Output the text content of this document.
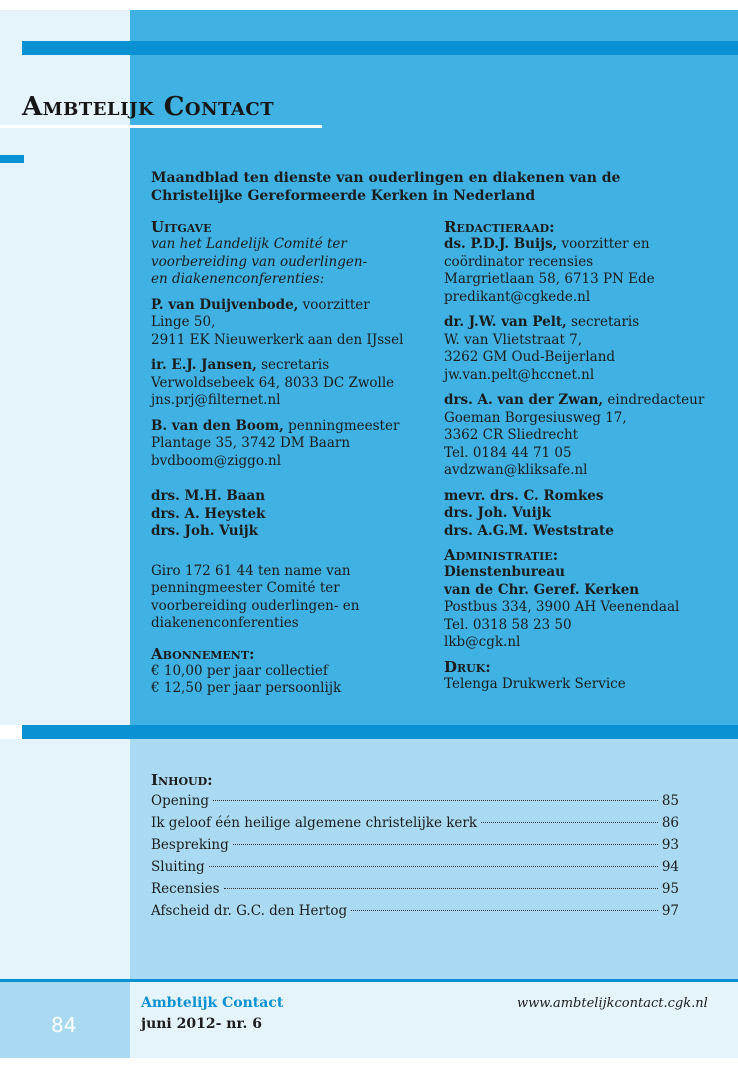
Ambtelijk Contact
Maandblad ten dienste van ouderlingen en diakenen van de
Christelijke Gereformeerde Kerken in Nederland
Uitgave
van het Landelijk Comité ter
voorbereiding van ouderlingen-
en diakenenconferenties:
P. van Duijvenbode, voorzitter
Linge 50,
2911 EK Nieuwerkerk aan den IJssel
ir. E.J. Jansen, secretaris
Verwoldsebeek 64, 8033 DC Zwolle
jns.prj@filternet.nl
B. van den Boom, penningmeester
Plantage 35, 3742 DM Baarn
bvdboom@ziggo.nl
drs. M.H. Baan
drs. A. Heystek
drs. Joh. Vuijk
Giro 172 61 44 ten name van
penningmeester Comité ter
voorbereiding ouderlingen- en
diakenenconferenties
Abonnement:
€ 10,00 per jaar collectief
€ 12,50 per jaar persoonlijk
Redactieraad:
ds. P.D.J. Buijs, voorzitter en
coördinator recensies
Margrietlaan 58, 6713 PN Ede
predikant@cgkede.nl
dr. J.W. van Pelt, secretaris
W. van Vlietstraat 7,
3262 GM Oud-Beijerland
jw.van.pelt@hccnet.nl
drs. A. van der Zwan, eindredacteur
Goeman Borgesiusweg 17,
3362 CR Sliedrecht
Tel. 0184 44 71 05
avdzwan@kliksafe.nl
mevr. drs. C. Romkes
drs. Joh. Vuijk
drs. A.G.M. Weststrate
Administratie:
Dienstenbureau
van de Chr. Geref. Kerken
Postbus 334, 3900 AH Veenendaal
Tel. 0318 58 23 50
lkb@cgk.nl
Druk:
Telenga Drukwerk Service
Inhoud:
Opening	85
Ik geloof één heilige algemene christelijke kerk	86
Bespreking	93
Sluiting	94
Recensies	95
Afscheid dr. G.C. den Hertog	97
84
Ambtelijk Contact
juni 2012- nr. 6
www.ambtelijkcontact.cgk.nl
